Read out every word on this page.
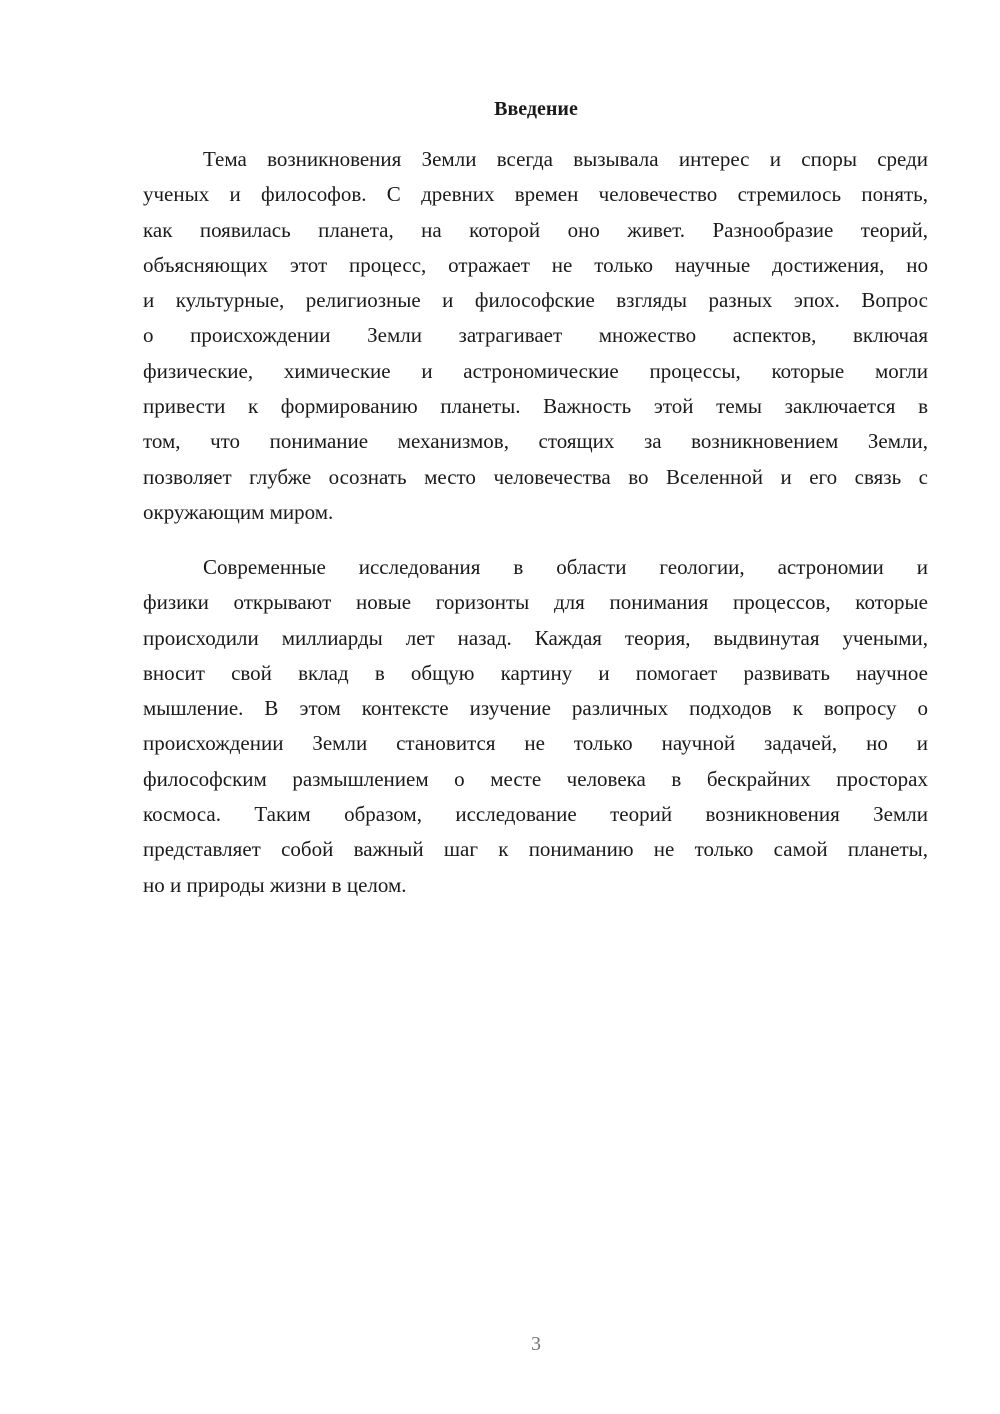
Введение
Тема возникновения Земли всегда вызывала интерес и споры среди
ученых и философов. С древних времен человечество стремилось понять,
как появилась планета, на которой оно живет. Разнообразие теорий,
объясняющих этот процесс, отражает не только научные достижения, но
и культурные, религиозные и философские взгляды разных эпох. Вопрос
о происхождении Земли затрагивает множество аспектов, включая
физические, химические и астрономические процессы, которые могли
привести к формированию планеты. Важность этой темы заключается в
том, что понимание механизмов, стоящих за возникновением Земли,
позволяет глубже осознать место человечества во Вселенной и его связь с
окружающим миром.
Современные исследования в области геологии, астрономии и
физики открывают новые горизонты для понимания процессов, которые
происходили миллиарды лет назад. Каждая теория, выдвинутая учеными,
вносит свой вклад в общую картину и помогает развивать научное
мышление. В этом контексте изучение различных подходов к вопросу о
происхождении Земли становится не только научной задачей, но и
философским размышлением о месте человека в бескрайних просторах
космоса. Таким образом, исследование теорий возникновения Земли
представляет собой важный шаг к пониманию не только самой планеты,
но и природы жизни в целом.
3
